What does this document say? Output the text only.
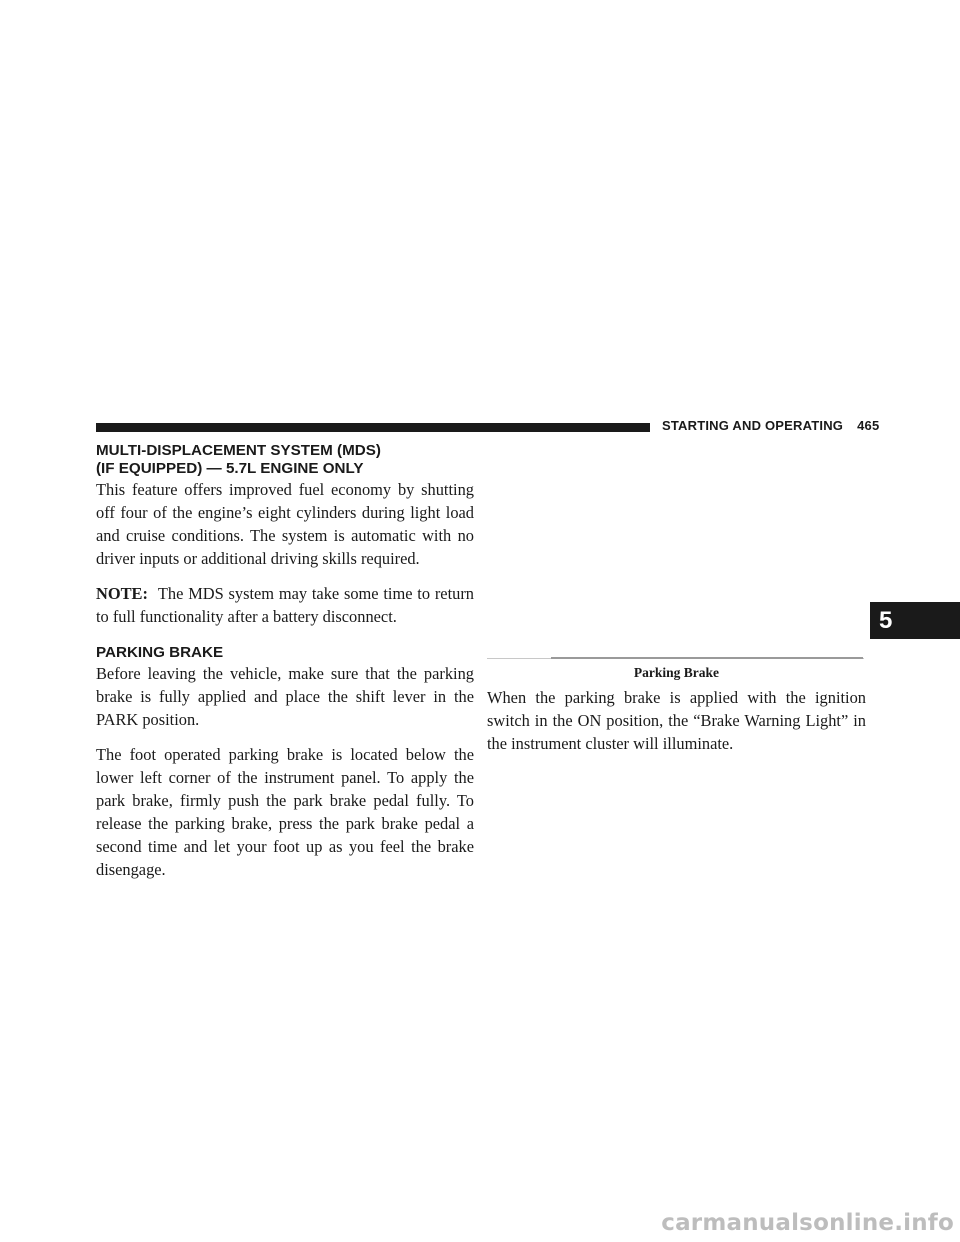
STARTING AND OPERATING 465
MULTI-DISPLACEMENT SYSTEM (MDS)
(IF EQUIPPED) — 5.7L ENGINE ONLY

This feature offers improved fuel economy by shutting off four of the engine’s eight cylinders during light load and cruise conditions. The system is automatic with no driver inputs or additional driving skills required.

NOTE: The MDS system may take some time to return to full functionality after a battery disconnect.

PARKING BRAKE

Before leaving the vehicle, make sure that the parking brake is fully applied and place the shift lever in the PARK position.

The foot operated parking brake is located below the lower left corner of the instrument panel. To apply the park brake, firmly push the park brake pedal fully. To release the parking brake, press the park brake pedal a second time and let your foot up as you feel the brake disengage.

Parking Brake

When the parking brake is applied with the ignition switch in the ON position, the “Brake Warning Light” in the instrument cluster will illuminate.

5
carmanualsonline.info
